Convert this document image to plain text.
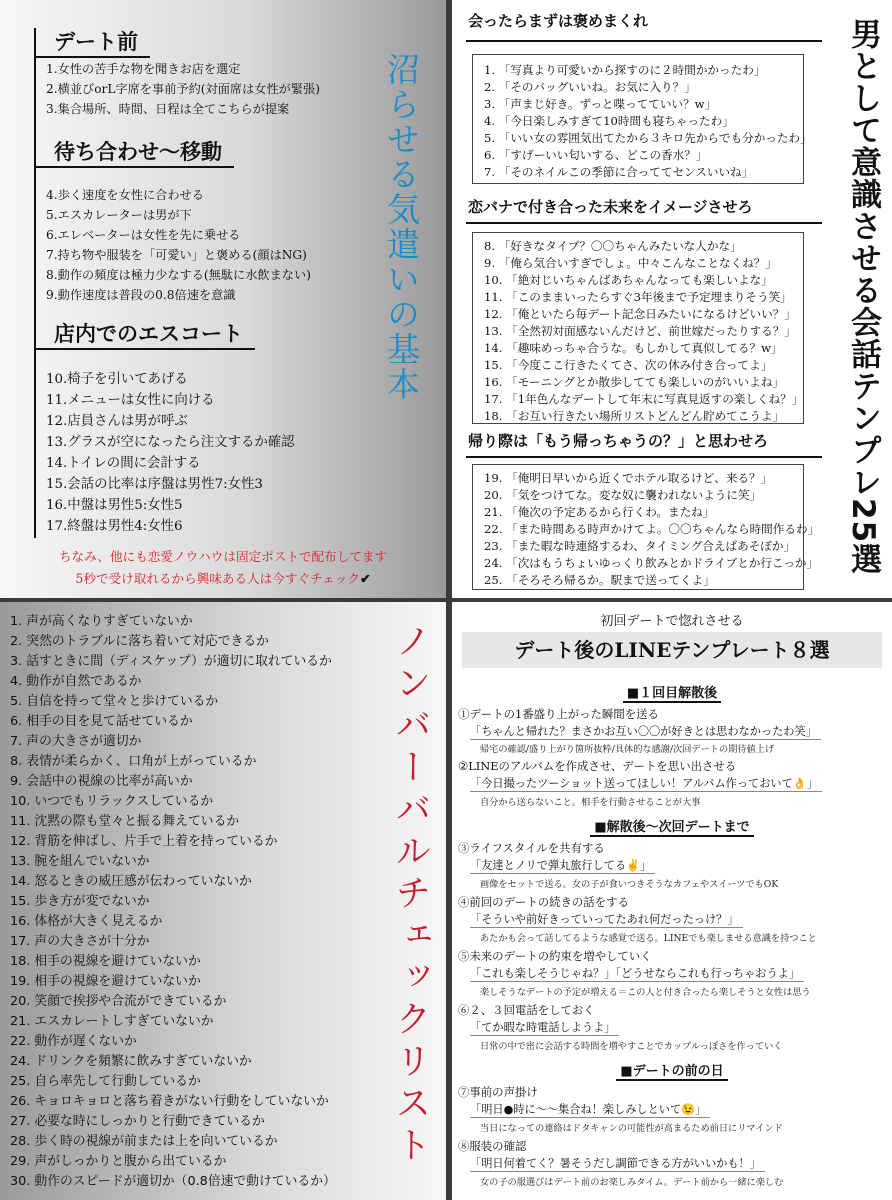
デート前
1.女性の苦手な物を聞きお店を選定
2.横並びorL字席を事前予約(対面席は女性が緊張)
3.集合場所、時間、日程は全てこちらが提案
待ち合わせ〜移動
4.歩く速度を女性に合わせる
5.エスカレーターは男が下
6.エレベーターは女性を先に乗せる
7.持ち物や服装を「可愛い」と褒める(顔はNG)
8.動作の頻度は極力少なする(無駄に水飲まない)
9.動作速度は普段の0.8倍速を意識
店内でのエスコート
10.椅子を引いてあげる
11.メニューは女性に向ける
12.店員さんは男が呼ぶ
13.グラスが空になったら注文するか確認
14.トイレの間に会計する
15.会話の比率は序盤は男性7:女性3
16.中盤は男性5:女性5
17.終盤は男性4:女性6
沼らせる気遣いの基本
ちなみ、他にも恋愛ノウハウは固定ポストで配布してます
5秒で受け取れるから興味ある人は今すぐチェック✔
会ったらまずは褒めまくれ
1. 「写真より可愛いから探すのに２時間かかったわ」
2. 「そのバッグいいね。お気に入り？」
3. 「声まじ好き。ずっと喋ってていい？w」
4. 「今日楽しみすぎて10時間も寝ちゃったわ」
5. 「いい女の雰囲気出てたから３キロ先からでも分かったわ」
6. 「すげーいい匂いする、どこの香水？」
7. 「そのネイルこの季節に合っててセンスいいね」
恋バナで付き合った未来をイメージさせろ
8. 「好きなタイプ？〇〇ちゃんみたいな人かな」
9. 「俺ら気合いすぎでしょ。中々こんなことなくね？」
10. 「絶対じいちゃんばあちゃんなっても楽しいよな」
11. 「このままいったらすぐ3年後まで予定埋まりそう笑」
12. 「俺といたら毎デート記念日みたいになるけどいい？」
13. 「全然初対面感ないんだけど、前世嫁だったりする？」
14. 「趣味めっちゃ合うな。もしかして真似してる？w」
15. 「今度ここ行きたくてさ、次の休み付き合ってよ」
16. 「モーニングとか散歩してても楽しいのがいいよね」
17. 「1年色んなデートして年末に写真見返すの楽しくね？」
18. 「お互い行きたい場所リストどんどん貯めてこうよ」
帰り際は「もう帰っちゃうの？」と思わせろ
19. 「俺明日早いから近くでホテル取るけど、来る？」
20. 「気をつけてな。変な奴に襲われないように笑」
21. 「俺次の予定あるから行くわ。またね」
22. 「また時間ある時声かけてよ。〇〇ちゃんなら時間作るわ」
23. 「また暇な時連絡するわ、タイミング合えばあそぼか」
24. 「次はもうちょいゆっくり飲みとかドライブとか行こっか」
25. 「そろそろ帰るか。駅まで送ってくよ」
男として意識させる会話テンプレ25選
1. 声が高くなりすぎていないか
2. 突然のトラブルに落ち着いて対応できるか
3. 話すときに間（ディスケップ）が適切に取れているか
4. 動作が自然であるか
5. 自信を持って堂々と歩けているか
6. 相手の目を見て話せているか
7. 声の大きさが適切か
8. 表情が柔らかく、口角が上がっているか
9. 会話中の視線の比率が高いか
10. いつでもリラックスしているか
11. 沈黙の際も堂々と振る舞えているか
12. 背筋を伸ばし、片手で上着を持っているか
13. 腕を組んでいないか
14. 怒るときの威圧感が伝わっていないか
15. 歩き方が変でないか
16. 体格が大きく見えるか
17. 声の大きさが十分か
18. 相手の視線を避けていないか
19. 相手の視線を避けていないか
20. 笑顔で挨拶や合流ができているか
21. エスカレートしすぎていないか
22. 動作が遅くないか
24. ドリンクを頻繁に飲みすぎていないか
25. 自ら率先して行動しているか
26. キョロキョロと落ち着きがない行動をしていないか
27. 必要な時にしっかりと行動できているか
28. 歩く時の視線が前または上を向いているか
29. 声がしっかりと腹から出ているか
30. 動作のスピードが適切か（0.8倍速で動けているか）
ノンバーバルチェックリスト
初回デートで惚れさせる
デート後のLINEテンプレート８選
■１回目解散後
①デートの1番盛り上がった瞬間を送る
「ちゃんと帰れた？まさかお互い〇〇が好きとは思わなかったわ笑」
帰宅の確認/盛り上がり箇所抜粋/具体的な感謝/次回デートの期待値上げ
②LINEのアルバムを作成させ、デートを思い出させる
「今日撮ったツーショット送ってほしい！アルバム作っておいて👌」
自分から送らないこと。相手を行動させることが大事
■解散後〜次回デートまで
③ライフスタイルを共有する
「友達とノリで弾丸旅行してる✌」
画像をセットで送る。女の子が食いつきそうなカフェやスイーツでもOK
④前回のデートの続きの話をする
「そういや前好きっていってたあれ何だったっけ？」
あたかも会って話してるような感覚で送る。LINEでも楽しませる意識を持つこと
⑤未来のデートの約束を増やしていく
「これも楽しそうじゃね？」「どうせならこれも行っちゃおうよ」
楽しそうなデートの予定が増える＝この人と付き合ったら楽しそうと女性は思う
⑥２、３回電話をしておく
「てか暇な時電話しようよ」
日常の中で密に会話する時間を増やすことでカップルっぽさを作っていく
■デートの前の日
⑦事前の声掛け
「明日●時に〜〜集合ね！楽しみしといて😉」
当日になっての連絡はドタキャンの可能性が高まるため前日にリマインド
⑧服装の確認
「明日何着てく？暑そうだし調節できる方がいいかも！」
女の子の服選びはデート前のお楽しみタイム。デート前から一緒に楽しむ
